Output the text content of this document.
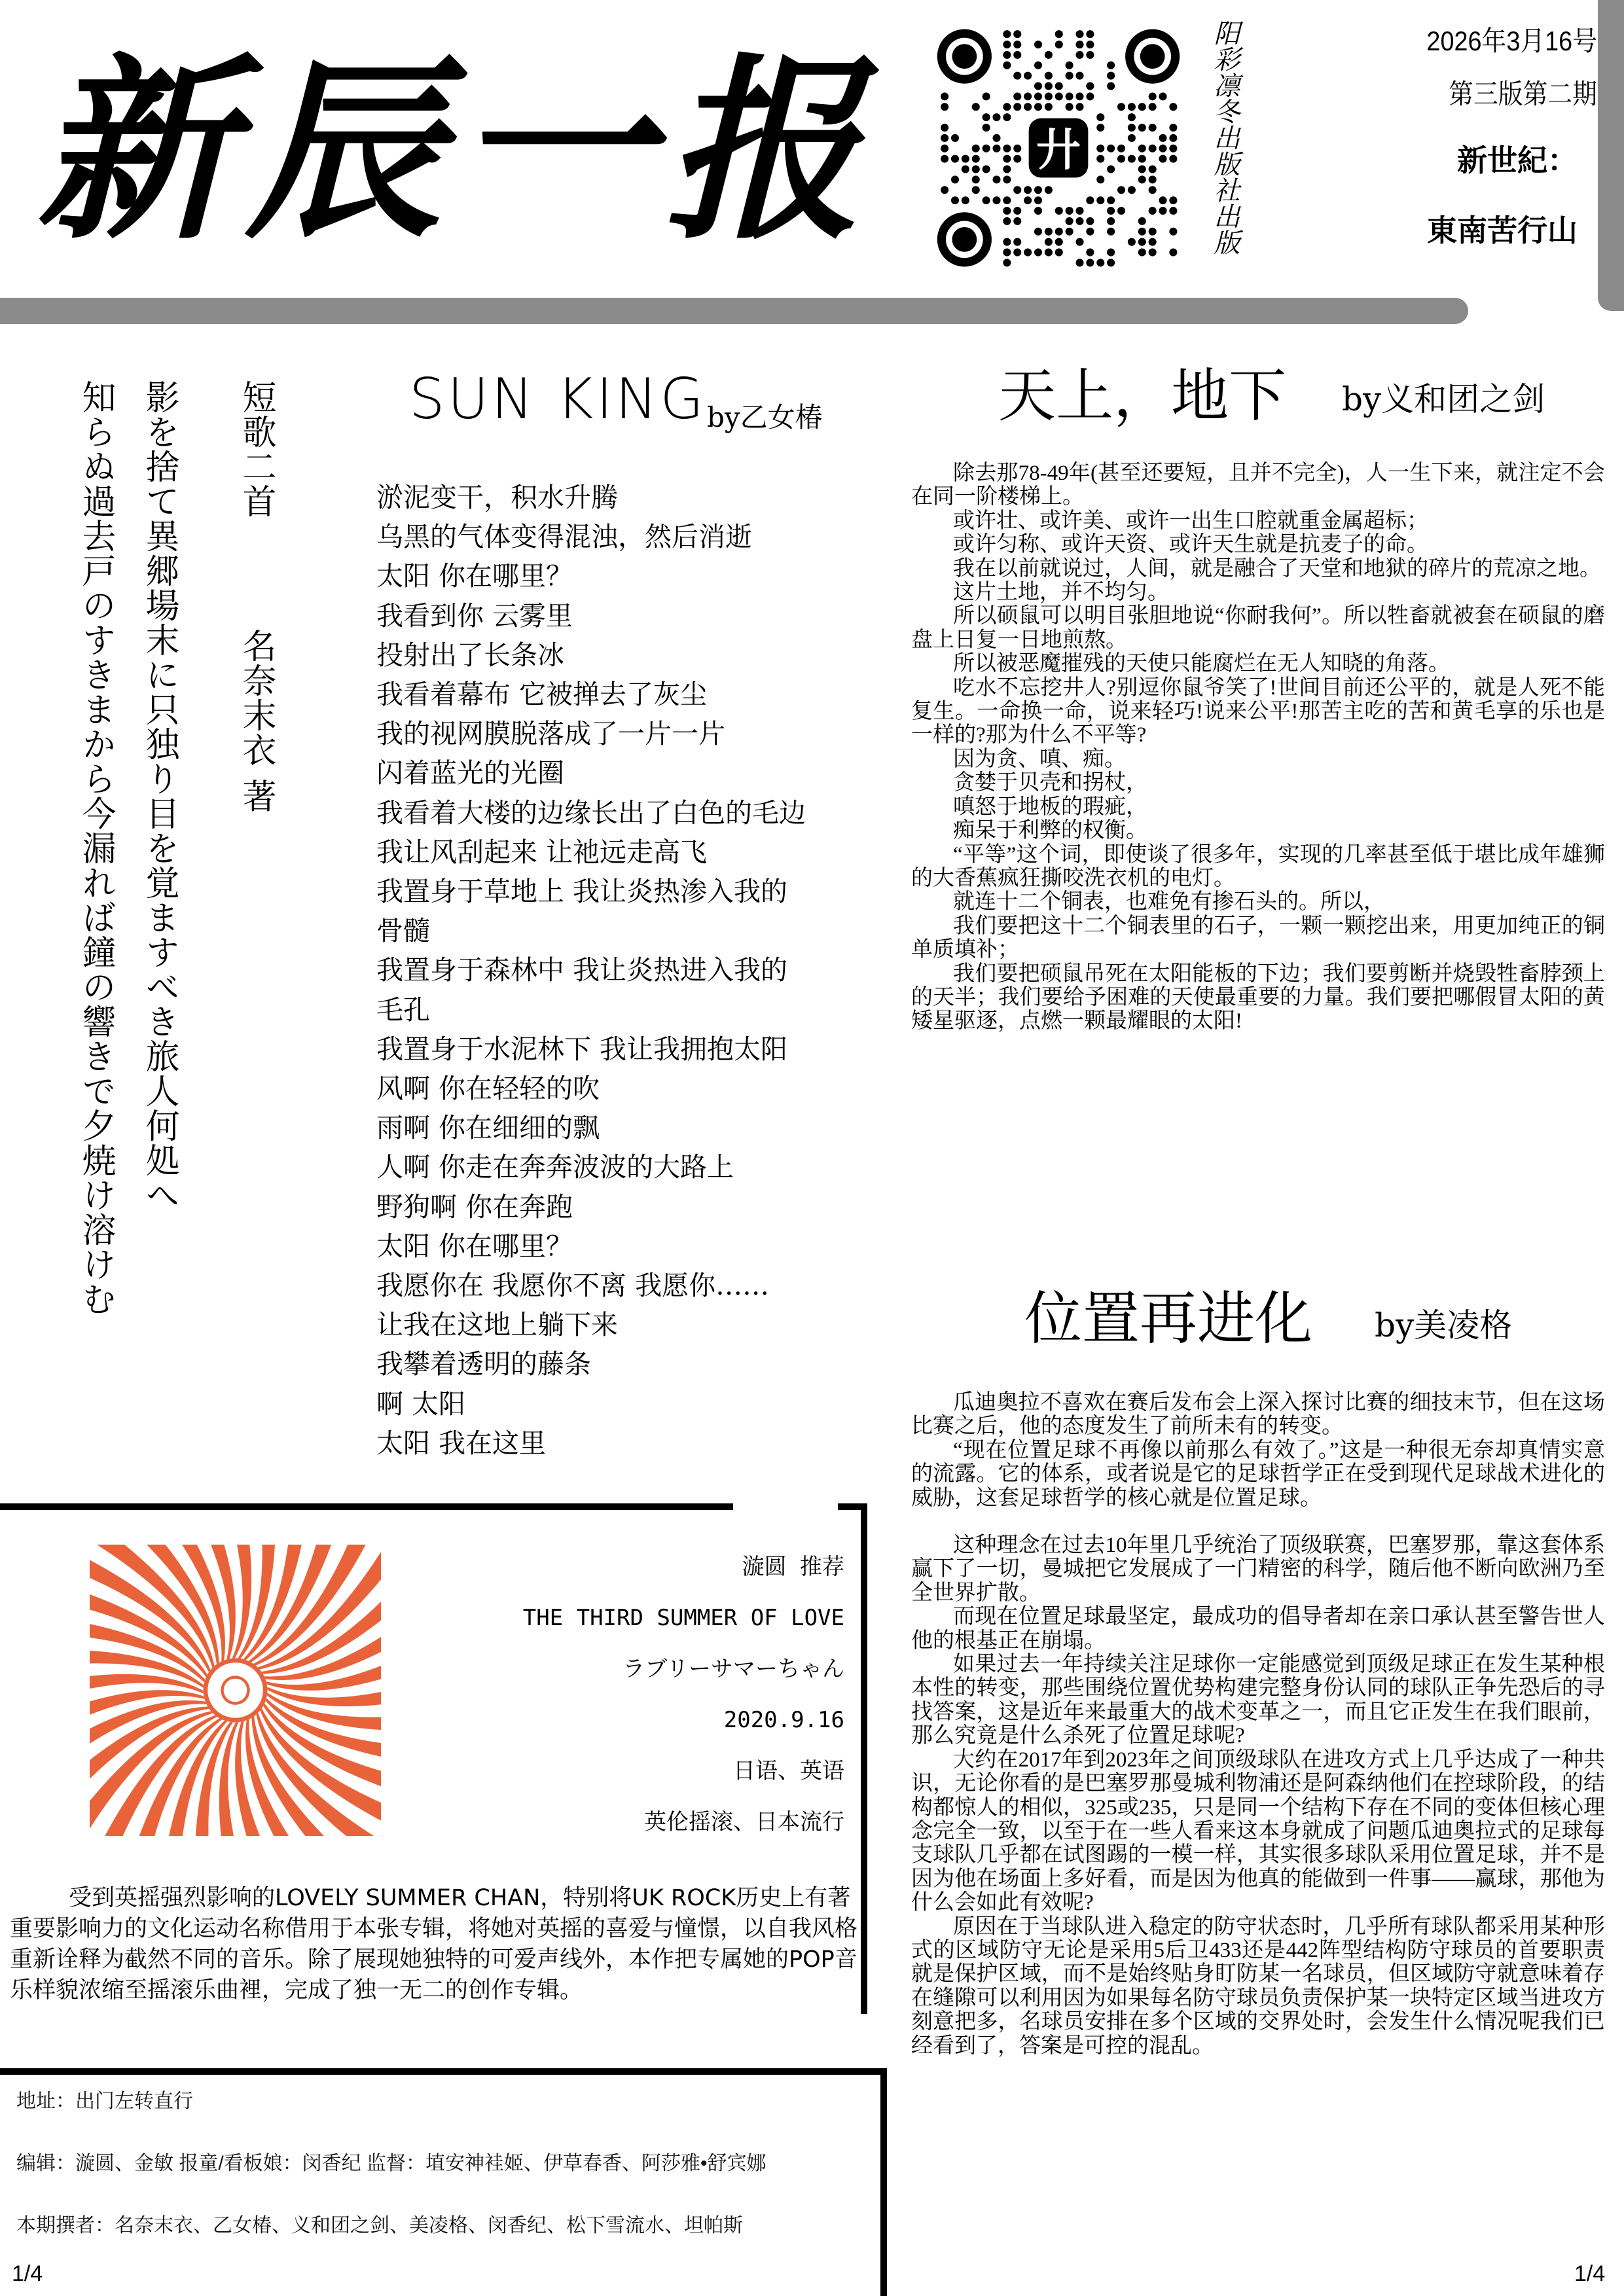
新辰一报	廾	阳彩凛冬出版社出版	2026年3月16号
第三版第二期
新世紀：
東南苦行山
短歌二首
名奈末衣 著
影を捨て異郷場末に只独り目を覚ますべき旅人何処へ
知らぬ過去戸のすきまから今漏れば鐘の響きで夕焼け溶けむ	SUN KING by乙女椿
淤泥变干，积水升腾
乌黑的气体变得混浊，然后消逝
太阳 你在哪里？
我看到你 云雾里
投射出了长条冰
我看着幕布 它被掸去了灰尘
我的视网膜脱落成了一片一片
闪着蓝光的光圈
我看着大楼的边缘长出了白色的毛边
我让风刮起来 让祂远走高飞
我置身于草地上 我让炎热渗入我的
骨髓
我置身于森林中 我让炎热进入我的
毛孔
我置身于水泥林下 我让我拥抱太阳
风啊 你在轻轻的吹
雨啊 你在细细的飘
人啊 你走在奔奔波波的大路上
野狗啊 你在奔跑
太阳 你在哪里？
我愿你在 我愿你不离 我愿你……
让我在这地上躺下来
我攀着透明的藤条
啊 太阳
太阳 我在这里
漩圆 推荐
THE THIRD SUMMER OF LOVE
ラブリーサマーちゃん
2020.9.16
日语、英语
英伦摇滚、日本流行
受到英摇强烈影响的LOVELY SUMMER CHAN，特别将UK ROCK历史上有著重要影响力的文化运动名称借用于本张专辑，将她对英摇的喜爱与憧憬，以自我风格重新诠释为截然不同的音乐。除了展现她独特的可爱声线外，本作把专属她的POP音乐样貌浓缩至摇滚乐曲裡，完成了独一无二的创作专辑。
地址：出门左转直行
编辑：漩圆、金敏 报童/看板娘：闵香纪 监督：埴安神袿姬、伊草春香、阿莎雅•舒宾娜
本期撰者：名奈末衣、乙女椿、义和团之剑、美凌格、闵香纪、松下雪流水、坦帕斯
1/4	1/4
天上，地下 by义和团之剑

除去那78-49年(甚至还要短，且并不完全)，人一生下来，就注定不会在同一阶楼梯上。

或许壮、或许美、或许一出生口腔就重金属超标；

或许匀称、或许天资、或许天生就是抗麦子的命。

我在以前就说过，人间，就是融合了天堂和地狱的碎片的荒凉之地。

这片土地，并不均匀。

所以硕鼠可以明目张胆地说“你耐我何”。所以牲畜就被套在硕鼠的磨盘上日复一日地煎熬。

所以被恶魔摧残的天使只能腐烂在无人知晓的角落。

吃水不忘挖井人?别逗你鼠爷笑了!世间目前还公平的，就是人死不能复生。一命换一命，说来轻巧!说来公平!那苦主吃的苦和黄毛享的乐也是一样的?那为什么不平等?

因为贪、嗔、痴。

贪婪于贝壳和拐杖，

嗔怒于地板的瑕疵，

痴呆于利弊的权衡。

“平等”这个词，即使谈了很多年，实现的几率甚至低于堪比成年雄狮的大香蕉疯狂撕咬洗衣机的电灯。

就连十二个铜表，也难免有掺石头的。所以，

我们要把这十二个铜表里的石子，一颗一颗挖出来，用更加纯正的铜单质填补；

我们要把硕鼠吊死在太阳能板的下边；我们要剪断并烧毁牲畜脖颈上的天半；我们要给予困难的天使最重要的力量。我们要把哪假冒太阳的黄矮星驱逐，点燃一颗最耀眼的太阳!

位置再进化 by美凌格

瓜迪奥拉不喜欢在赛后发布会上深入探讨比赛的细技末节，但在这场比赛之后，他的态度发生了前所未有的转变。

“现在位置足球不再像以前那么有效了。”这是一种很无奈却真情实意的流露。它的体系，或者说是它的足球哲学正在受到现代足球战术进化的威胁，这套足球哲学的核心就是位置足球。

这种理念在过去10年里几乎统治了顶级联赛，巴塞罗那，靠这套体系赢下了一切，曼城把它发展成了一门精密的科学，随后他不断向欧洲乃至全世界扩散。

而现在位置足球最坚定，最成功的倡导者却在亲口承认甚至警告世人他的根基正在崩塌。

如果过去一年持续关注足球你一定能感觉到顶级足球正在发生某种根本性的转变，那些围绕位置优势构建完整身份认同的球队正争先恐后的寻找答案，这是近年来最重大的战术变革之一，而且它正发生在我们眼前，那么究竟是什么杀死了位置足球呢?

大约在2017年到2023年之间顶级球队在进攻方式上几乎达成了一种共识，无论你看的是巴塞罗那曼城利物浦还是阿森纳他们在控球阶段，的结构都惊人的相似，325或235，只是同一个结构下存在不同的变体但核心理念完全一致，以至于在一些人看来这本身就成了问题瓜迪奥拉式的足球每支球队几乎都在试图踢的一模一样，其实很多球队采用位置足球，并不是因为他在场面上多好看，而是因为他真的能做到一件事——赢球，那他为什么会如此有效呢?

原因在于当球队进入稳定的防守状态时，几乎所有球队都采用某种形式的区域防守无论是采用5后卫433还是442阵型结构防守球员的首要职责就是保护区域，而不是始终贴身盯防某一名球员，但区域防守就意味着存在缝隙可以利用因为如果每名防守球员负责保护某一块特定区域当进攻方刻意把多，名球员安排在多个区域的交界处时，会发生什么情况呢我们已经看到了，答案是可控的混乱。
